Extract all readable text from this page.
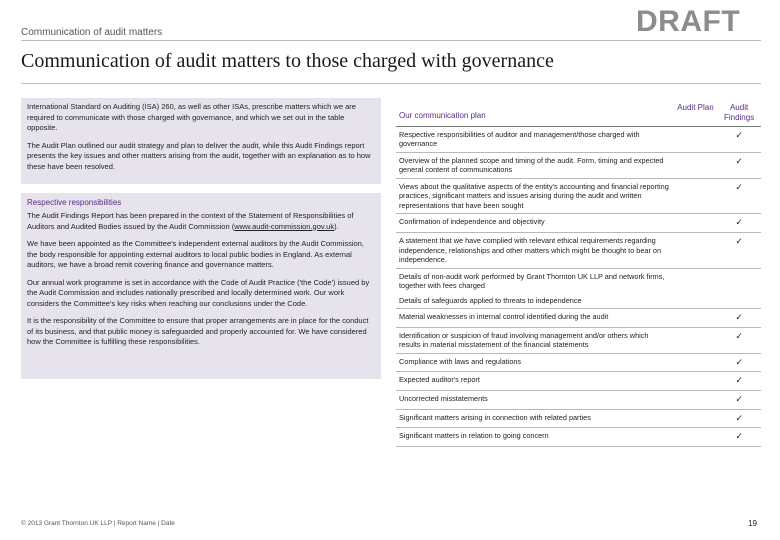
Communication of audit matters	DRAFT
Communication of audit matters to those charged with governance

International Standard on Auditing (ISA) 260, as well as other ISAs, prescribe matters which we are required to communicate with those charged with governance, and which we set out in the table opposite.

The Audit Plan outlined our audit strategy and plan to deliver the audit, while this Audit Findings report presents the key issues and other matters arising from the audit, together with an explanation as to how these have been resolved.

Respective responsibilities

The Audit Findings Report has been prepared in the context of the Statement of Responsibilities of Auditors and Audited Bodies issued by the Audit Commission (www.audit-commission.gov.uk).

We have been appointed as the Committee's independent external auditors by the Audit Commission, the body responsible for appointing external auditors to local public bodies in England. As external auditors, we have a broad remit covering finance and governance matters.

Our annual work programme is set in accordance with the Code of Audit Practice ('the Code') issued by the Audit Commission and includes nationally prescribed and locally determined work. Our work considers the Committee's key risks when reaching our conclusions under the Code.

It is the responsibility of the Committee to ensure that proper arrangements are in place for the conduct of its business, and that public money is safeguarded and properly accounted for. We have considered how the Committee is fulfilling these responsibilities.

Our communication plan	Audit Plan	Audit Findings
Respective responsibilities of auditor and management/those charged with governance		✓
Overview of the planned scope and timing of the audit. Form, timing and expected general content of communications		✓
Views about the qualitative aspects of the entity's accounting and financial reporting practices, significant matters and issues arising during the audit and written representations that have been sought		✓
Confirmation of independence and objectivity		✓
A statement that we have complied with relevant ethical requirements regarding independence, relationships and other matters which might be thought to bear on independence.		✓
Details of non-audit work performed by Grant Thornton UK LLP and network firms, together with fees charged		
Details of safeguards applied to threats to independence		
Material weaknesses in internal control identified during the audit		✓
Identification or suspicion of fraud involving management and/or others which results in material misstatement of the financial statements		✓
Compliance with laws and regulations		✓
Expected auditor's report		✓
Uncorrected misstatements		✓
Significant matters arising in connection with related parties		✓
Significant matters in relation to going concern		✓
© 2013 Grant Thornton UK LLP | Report Name | Date	19
